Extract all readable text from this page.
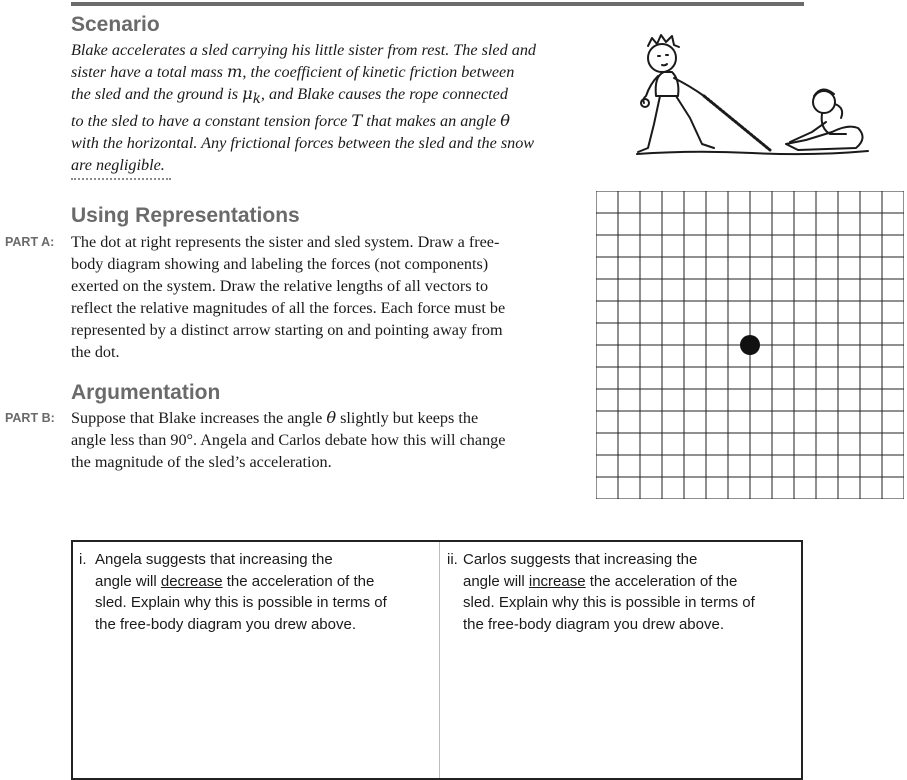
Scenario

Blake accelerates a sled carrying his little sister from rest. The sled and
sister have a total mass m, the coefficient of kinetic friction between
the sled and the ground is $\mu_k$, and Blake causes the rope connected
to the sled to have a constant tension force T that makes an angle θ
with the horizontal. Any frictional forces between the sled and the snow
are negligible.

Using Representations
PART A: The dot at right represents the sister and sled system. Draw a free-
body diagram showing and labeling the forces (not components)
exerted on the system. Draw the relative lengths of all vectors to
reflect the relative magnitudes of all the forces. Each force must be
represented by a distinct arrow starting on and pointing away from
the dot.

Argumentation
PART B: Suppose that Blake increases the angle θ slightly but keeps the
angle less than 90°. Angela and Carlos debate how this will change
the magnitude of the sled’s acceleration.

i. Angela suggests that increasing the
angle will decrease the acceleration of the
sled. Explain why this is possible in terms of
the free-body diagram you drew above.
ii. Carlos suggests that increasing the
angle will increase the acceleration of the
sled. Explain why this is possible in terms of
the free-body diagram you drew above.
